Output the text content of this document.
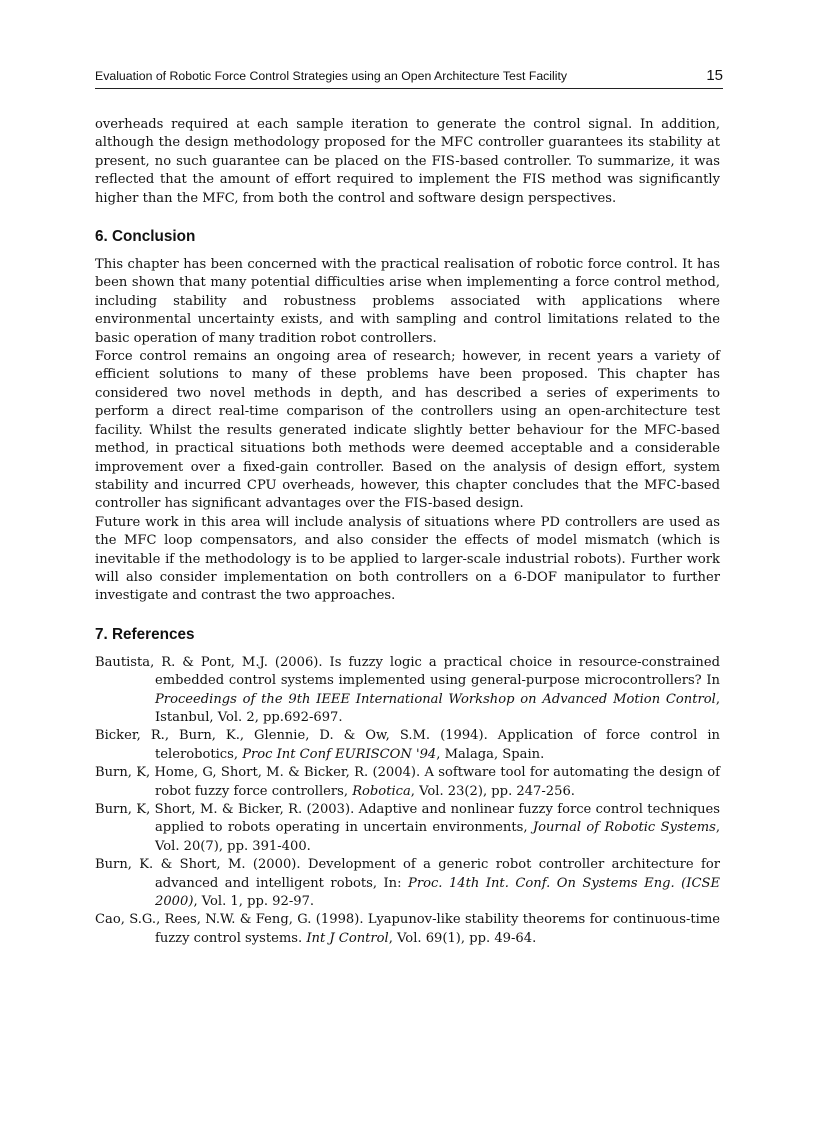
Evaluation of Robotic Force Control Strategies using an Open Architecture Test Facility	15

overheads required at each sample iteration to generate the control signal. In addition, although the design methodology proposed for the MFC controller guarantees its stability at present, no such guarantee can be placed on the FIS-based controller. To summarize, it was reflected that the amount of effort required to implement the FIS method was significantly higher than the MFC, from both the control and software design perspectives.

6. Conclusion

This chapter has been concerned with the practical realisation of robotic force control. It has been shown that many potential difficulties arise when implementing a force control method, including stability and robustness problems associated with applications where environmental uncertainty exists, and with sampling and control limitations related to the basic operation of many tradition robot controllers.

Force control remains an ongoing area of research; however, in recent years a variety of efficient solutions to many of these problems have been proposed. This chapter has considered two novel methods in depth, and has described a series of experiments to perform a direct real-time comparison of the controllers using an open-architecture test facility. Whilst the results generated indicate slightly better behaviour for the MFC-based method, in practical situations both methods were deemed acceptable and a considerable improvement over a fixed-gain controller. Based on the analysis of design effort, system stability and incurred CPU overheads, however, this chapter concludes that the MFC-based controller has significant advantages over the FIS-based design.

Future work in this area will include analysis of situations where PD controllers are used as the MFC loop compensators, and also consider the effects of model mismatch (which is inevitable if the methodology is to be applied to larger-scale industrial robots). Further work will also consider implementation on both controllers on a 6-DOF manipulator to further investigate and contrast the two approaches.

7. References

Bautista, R. & Pont, M.J. (2006). Is fuzzy logic a practical choice in resource-constrained embedded control systems implemented using general-purpose microcontrollers? In Proceedings of the 9th IEEE International Workshop on Advanced Motion Control, Istanbul, Vol. 2, pp.692-697.

Bicker, R., Burn, K., Glennie, D. & Ow, S.M. (1994). Application of force control in telerobotics, Proc Int Conf EURISCON '94, Malaga, Spain.

Burn, K, Home, G, Short, M. & Bicker, R. (2004). A software tool for automating the design of robot fuzzy force controllers, Robotica, Vol. 23(2), pp. 247-256.

Burn, K, Short, M. & Bicker, R. (2003). Adaptive and nonlinear fuzzy force control techniques applied to robots operating in uncertain environments, Journal of Robotic Systems, Vol. 20(7), pp. 391-400.

Burn, K. & Short, M. (2000). Development of a generic robot controller architecture for advanced and intelligent robots, In: Proc. 14th Int. Conf. On Systems Eng. (ICSE 2000), Vol. 1, pp. 92-97.

Cao, S.G., Rees, N.W. & Feng, G. (1998). Lyapunov-like stability theorems for continuous-time fuzzy control systems. Int J Control, Vol. 69(1), pp. 49-64.
